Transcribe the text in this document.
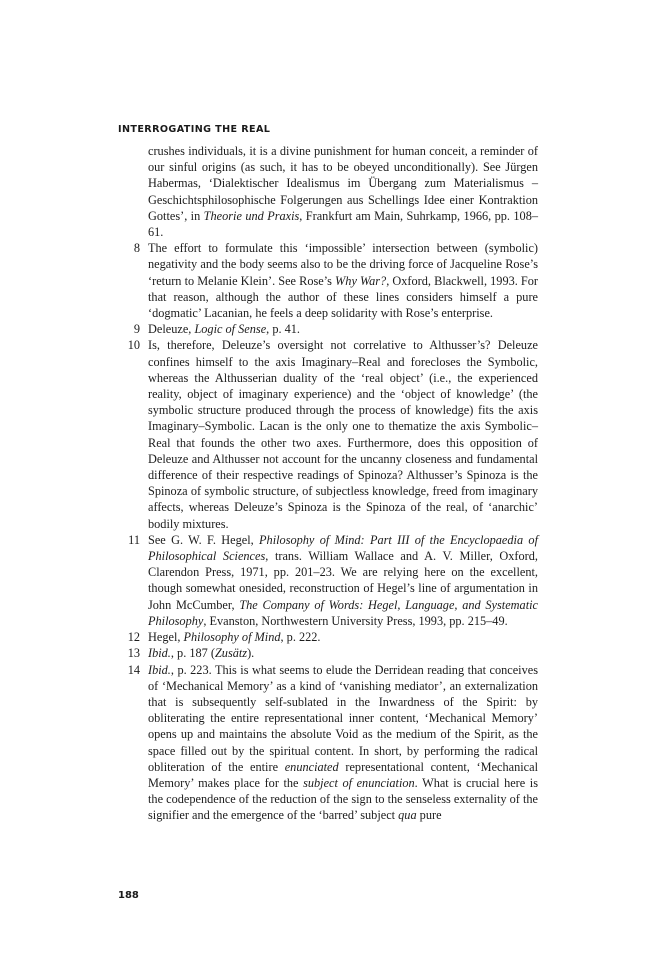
INTERROGATING THE REAL
crushes individuals, it is a divine punishment for human conceit, a reminder of our sinful origins (as such, it has to be obeyed unconditionally). See Jürgen Habermas, ‘Dialektischer Idealismus im Übergang zum Materialismus – Geschichtsphilosophische Folgerungen aus Schellings Idee einer Kontraktion Gottes’, in Theorie und Praxis, Frankfurt am Main, Suhrkamp, 1966, pp. 108–61.
8 The effort to formulate this ‘impossible’ intersection between (symbolic) negativity and the body seems also to be the driving force of Jacqueline Rose’s ‘return to Melanie Klein’. See Rose’s Why War?, Oxford, Blackwell, 1993. For that reason, although the author of these lines considers himself a pure ‘dogmatic’ Lacanian, he feels a deep solidarity with Rose’s enterprise.
9 Deleuze, Logic of Sense, p. 41.
10 Is, therefore, Deleuze’s oversight not correlative to Althusser’s? Deleuze confines himself to the axis Imaginary–Real and forecloses the Symbolic, whereas the Althusserian duality of the ‘real object’ (i.e., the experienced reality, object of imaginary experience) and the ‘object of knowledge’ (the symbolic structure produced through the process of knowledge) fits the axis Imaginary–Symbolic. Lacan is the only one to thematize the axis Symbolic–Real that founds the other two axes. Furthermore, does this opposition of Deleuze and Althusser not account for the uncanny closeness and fundamental difference of their respective readings of Spinoza? Althusser’s Spinoza is the Spinoza of symbolic structure, of subjectless knowledge, freed from imaginary affects, whereas Deleuze’s Spinoza is the Spinoza of the real, of ‘anarchic’ bodily mixtures.
11 See G. W. F. Hegel, Philosophy of Mind: Part III of the Encyclopaedia of Philosophical Sciences, trans. William Wallace and A. V. Miller, Oxford, Clarendon Press, 1971, pp. 201–23. We are relying here on the excellent, though somewhat onesided, reconstruction of Hegel’s line of argumentation in John McCumber, The Company of Words: Hegel, Language, and Systematic Philosophy, Evanston, Northwestern University Press, 1993, pp. 215–49.
12 Hegel, Philosophy of Mind, p. 222.
13 Ibid., p. 187 (Zusätz).
14 Ibid., p. 223. This is what seems to elude the Derridean reading that conceives of ‘Mechanical Memory’ as a kind of ‘vanishing mediator’, an externalization that is subsequently self-sublated in the Inwardness of the Spirit: by obliterating the entire representational inner content, ‘Mechanical Memory’ opens up and maintains the absolute Void as the medium of the Spirit, as the space filled out by the spiritual content. In short, by performing the radical obliteration of the entire enunciated representational content, ‘Mechanical Memory’ makes place for the subject of enunciation. What is crucial here is the codependence of the reduction of the sign to the senseless externality of the signifier and the emergence of the ‘barred’ subject qua pure
188
